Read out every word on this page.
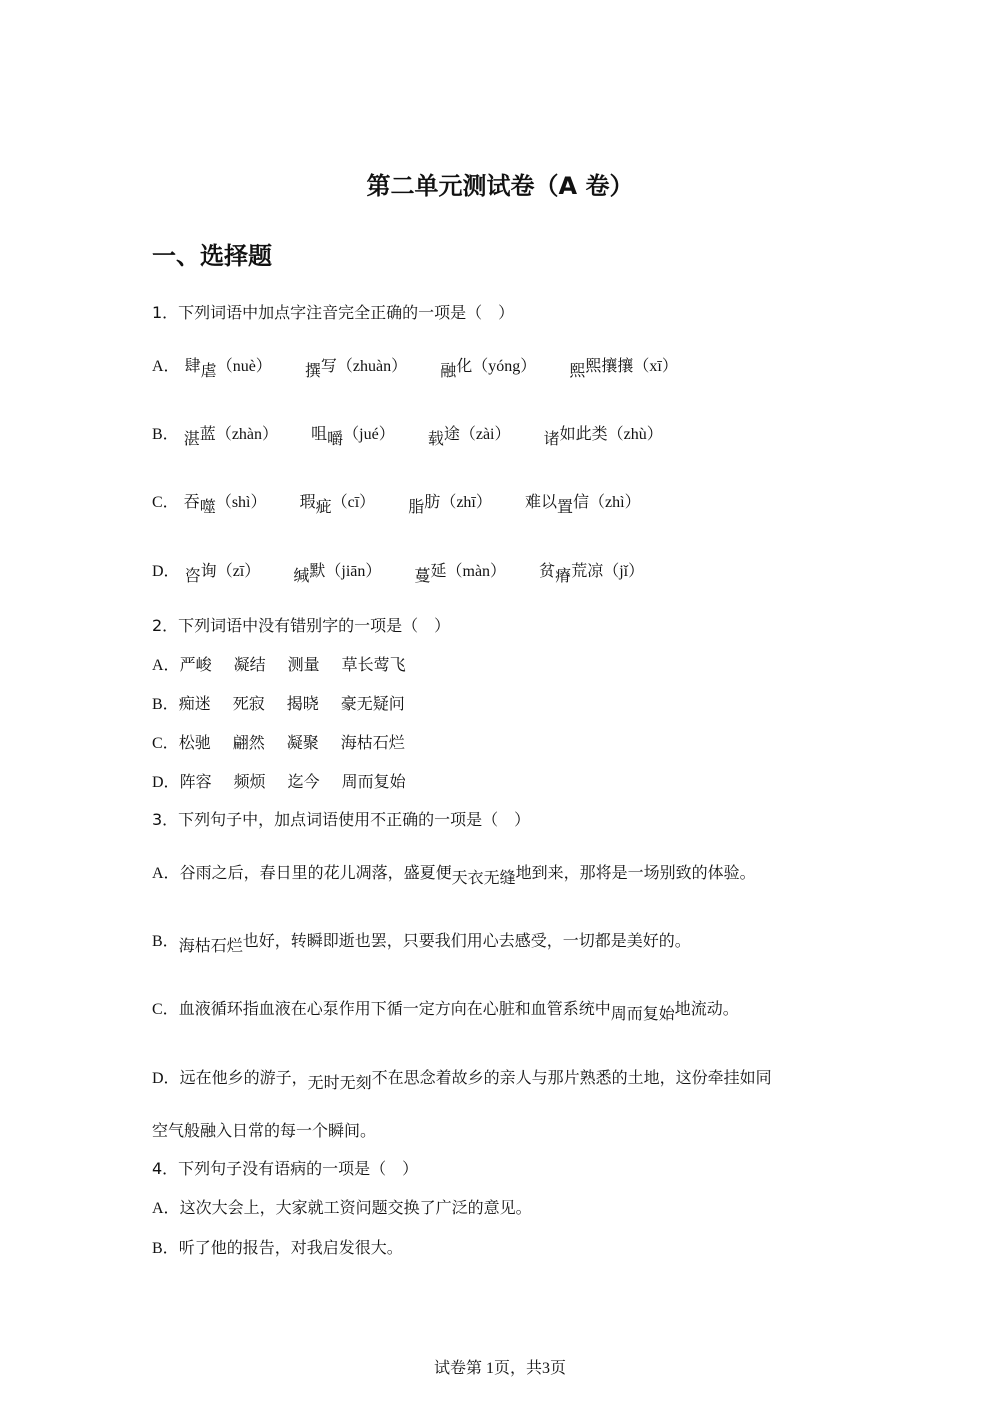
第二单元测试卷（A 卷）
一、选择题
1．下列词语中加点字注音完全正确的一项是（　）
A． 肆虐（nuè） 撰写（zhuàn） 融化（yóng） 熙熙攘攘（xī）
B． 湛蓝（zhàn） 咀嚼（jué） 载途（zài） 诸如此类（zhù）
C． 吞噬（shì） 瑕疵（cī） 脂肪（zhī） 难以置信（zhì）
D． 咨询（zī） 缄默（jiān） 蔓延（màn） 贫瘠荒凉（jǐ）
2．下列词语中没有错别字的一项是（　）
A．严峻 凝结 测量 草长莺飞
B．痴迷 死寂 揭晓 豪无疑问
C．松驰 翩然 凝聚 海枯石烂
D．阵容 频烦 迄今 周而复始
3．下列句子中，加点词语使用不正确的一项是（　）
A．谷雨之后，春日里的花儿凋落，盛夏便天衣无缝地到来，那将是一场别致的体验。
B．海枯石烂也好，转瞬即逝也罢，只要我们用心去感受，一切都是美好的。
C．血液循环指血液在心泵作用下循一定方向在心脏和血管系统中周而复始地流动。
D．远在他乡的游子，无时无刻不在思念着故乡的亲人与那片熟悉的土地，这份牵挂如同
空气般融入日常的每一个瞬间。
4．下列句子没有语病的一项是（　）
A．这次大会上，大家就工资问题交换了广泛的意见。
B．听了他的报告，对我启发很大。
试卷第 1页，共3页
